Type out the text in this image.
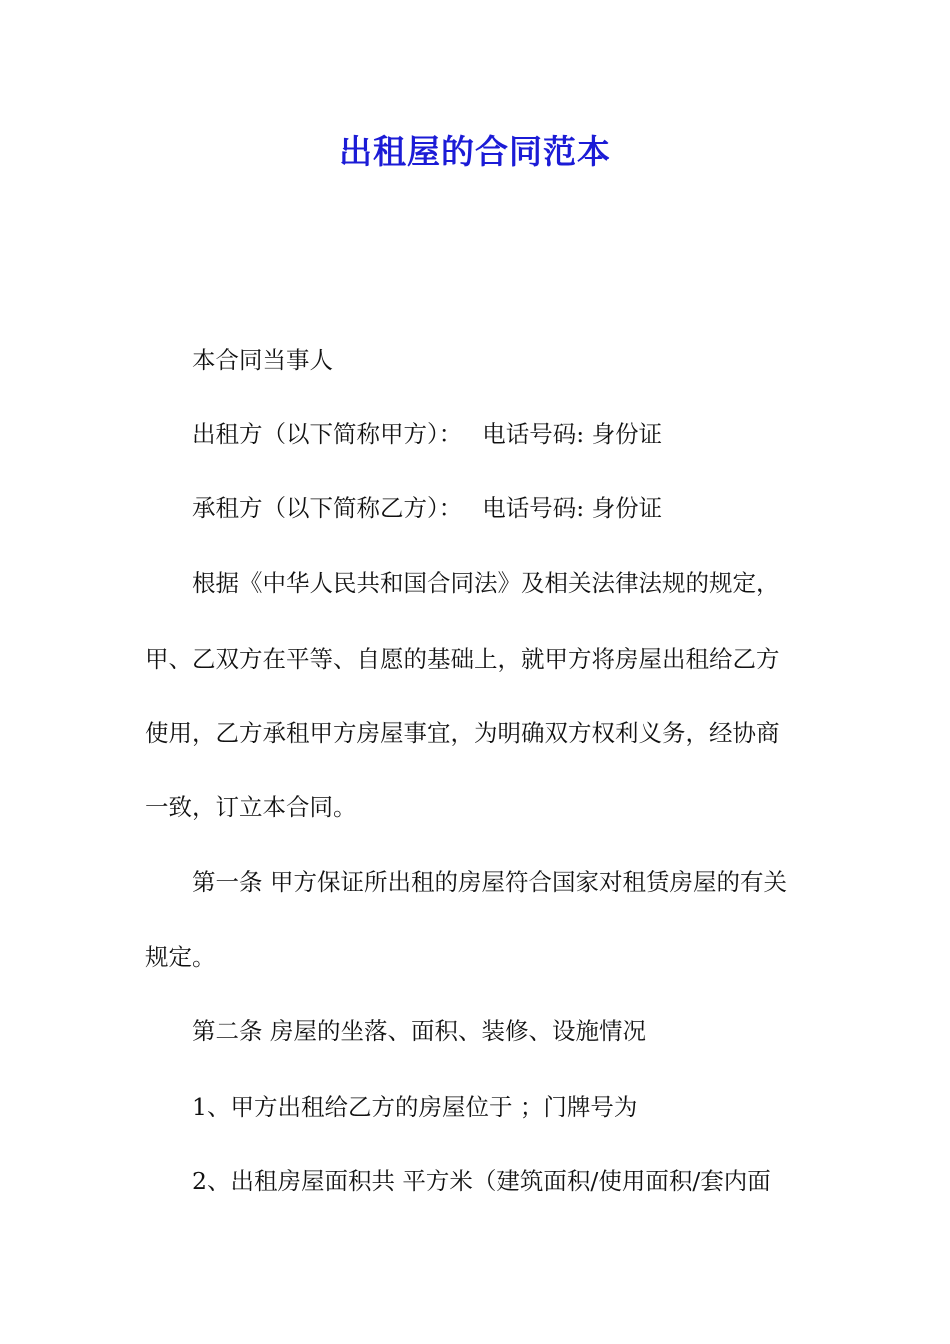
出租屋的合同范本

本合同当事人

出租方（以下简称甲方）： 电话号码: 身份证

承租方（以下简称乙方）： 电话号码: 身份证

根据《中华人民共和国合同法》及相关法律法规的规定，

甲、乙双方在平等、自愿的基础上，就甲方将房屋出租给乙方

使用，乙方承租甲方房屋事宜，为明确双方权利义务，经协商

一致，订立本合同。

第一条 甲方保证所出租的房屋符合国家对租赁房屋的有关

规定。

第二条 房屋的坐落、面积、装修、设施情况

1、甲方出租给乙方的房屋位于 ；门牌号为

2、出租房屋面积共 平方米（建筑面积/使用面积/套内面
